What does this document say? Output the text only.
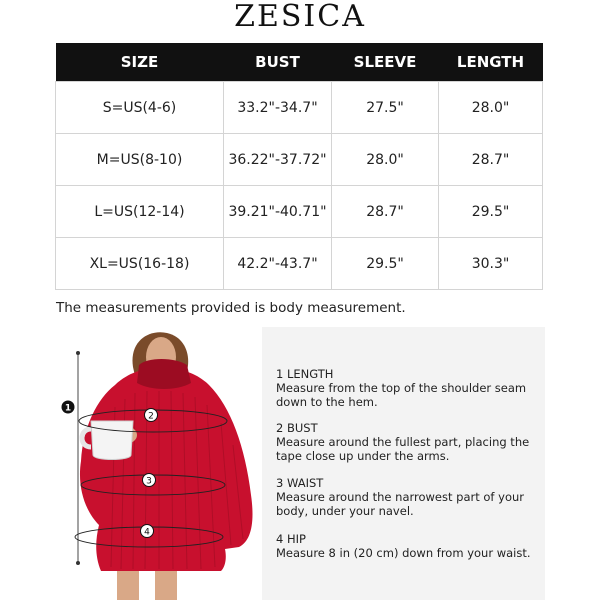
ZESICA
SIZE	BUST	SLEEVE	LENGTH
S=US(4-6)	33.2"-34.7"	27.5"	28.0"
M=US(8-10)	36.22"-37.72"	28.0"	28.7"
L=US(12-14)	39.21"-40.71"	28.7"	29.5"
XL=US(16-18)	42.2"-43.7"	29.5"	30.3"
The measurements provided is body measurement.
1
2
3
4
1 LENGTH
Measure from the top of the shoulder seam down to the hem.
2 BUST
Measure around the fullest part, placing the tape close up under the arms.
3 WAIST
Measure around the narrowest part of your body, under your navel.
4 HIP
Measure 8 in (20 cm) down from your waist.
